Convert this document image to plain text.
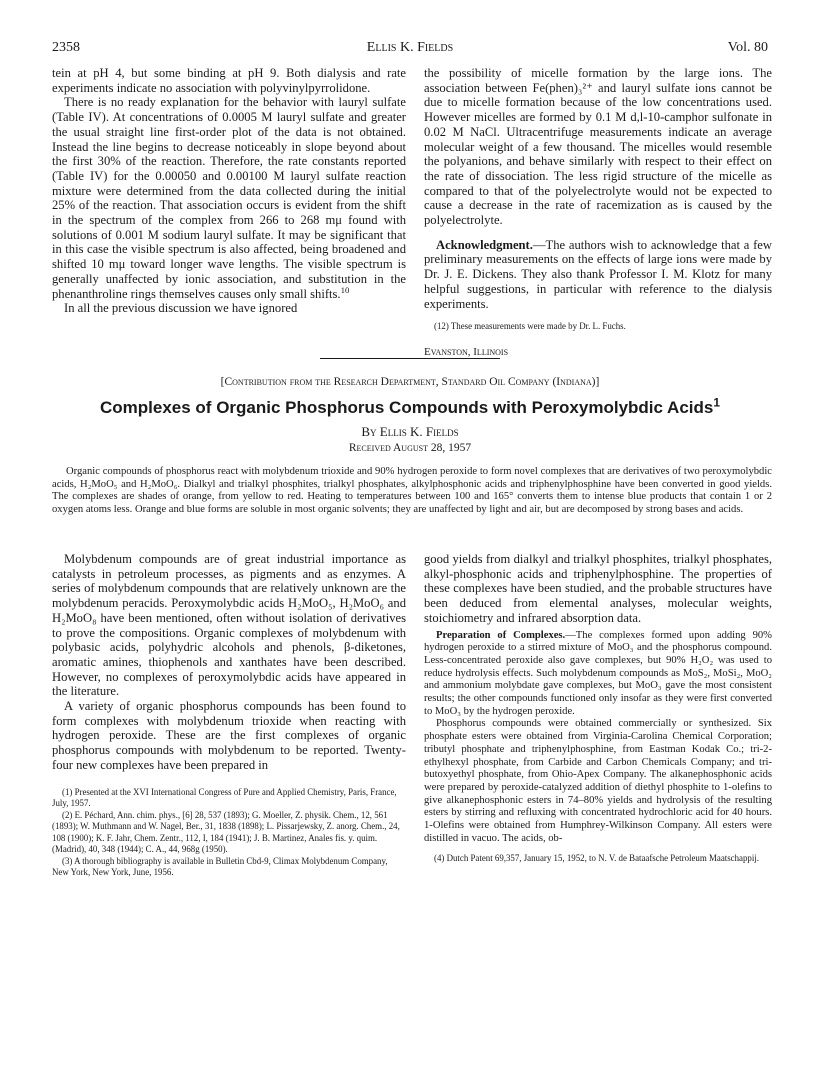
2358	Ellis K. Fields	Vol. 80

tein at pH 4, but some binding at pH 9. Both dialysis and rate experiments indicate no association with polyvinylpyrrolidone.

There is no ready explanation for the behavior with lauryl sulfate (Table IV). At concentrations of 0.0005 M lauryl sulfate and greater the usual straight line first-order plot of the data is not obtained. Instead the line begins to decrease noticeably in slope beyond about the first 30% of the reaction. Therefore, the rate constants reported (Table IV) for the 0.00050 and 0.00100 M lauryl sulfate reaction mixture were determined from the data collected during the initial 25% of the reaction. That association occurs is evident from the shift in the spectrum of the complex from 266 to 268 mμ found with solutions of 0.001 M sodium lauryl sulfate. It may be significant that in this case the visible spectrum is also affected, being broadened and shifted 10 mμ toward longer wave lengths. The visible spectrum is generally unaffected by ionic association, and substitution in the phenanthroline rings themselves causes only small shifts.$^{10}$

In all the previous discussion we have ignored

the possibility of micelle formation by the large ions. The association between Fe(phen)₃²⁺ and lauryl sulfate ions cannot be due to micelle formation because of the low concentrations used. However micelles are formed by 0.1 M d,l-10-camphor sulfonate in 0.02 M NaCl. Ultracentrifuge measurements indicate an average molecular weight of a few thousand. The micelles would resemble the polyanions, and behave similarly with respect to their effect on the rate of dissociation. The less rigid structure of the micelle as compared to that of the polyelectrolyte would not be expected to cause a decrease in the rate of racemization as is caused by the polyelectrolyte.

Acknowledgment.—The authors wish to acknowledge that a few preliminary measurements on the effects of large ions were made by Dr. J. E. Dickens. They also thank Professor I. M. Klotz for many helpful suggestions, in particular with reference to the dialysis experiments.

(12) These measurements were made by Dr. L. Fuchs.
Evanston, Illinois
[Contribution from the Research Department, Standard Oil Company (Indiana)]
Complexes of Organic Phosphorus Compounds with Peroxymolybdic Acids$^1$
By Ellis K. Fields
Received August 28, 1957
Organic compounds of phosphorus react with molybdenum trioxide and 90% hydrogen peroxide to form novel complexes that are derivatives of two peroxymolybdic acids, H₂MoO₅ and H₂MoO₆. Dialkyl and trialkyl phosphites, trialkyl phosphates, alkylphosphonic acids and triphenylphosphine have been converted in good yields. The complexes are shades of orange, from yellow to red. Heating to temperatures between 100 and 165° converts them to intense blue products that contain 1 or 2 oxygen atoms less. Orange and blue forms are soluble in most organic solvents; they are unaffected by light and air, but are decomposed by strong bases and acids.

Molybdenum compounds are of great industrial importance as catalysts in petroleum processes, as pigments and as enzymes. A series of molybdenum compounds that are relatively unknown are the molybdenum peracids. Peroxymolybdic acids H₂MoO₅, H₂MoO₆ and H₂MoO₈ have been mentioned, often without isolation of derivatives to prove the compositions. Organic complexes of molybdenum with polybasic acids, polyhydric alcohols and phenols, β-diketones, aromatic amines, thiophenols and xanthates have been described. However, no complexes of peroxymolybdic acids have appeared in the literature.

A variety of organic phosphorus compounds has been found to form complexes with molybdenum trioxide when reacting with hydrogen peroxide. These are the first complexes of organic phosphorus compounds with molybdenum to be reported. Twenty-four new complexes have been prepared in

(1) Presented at the XVI International Congress of Pure and Applied Chemistry, Paris, France, July, 1957.

(2) E. Péchard, Ann. chim. phys., [6] 28, 537 (1893); G. Moeller, Z. physik. Chem., 12, 561 (1893); W. Muthmann and W. Nagel, Ber., 31, 1838 (1898); L. Pissarjewsky, Z. anorg. Chem., 24, 108 (1900); K. F. Jahr, Chem. Zentr., 112, I, 184 (1941); J. B. Martinez, Anales fis. y. quim. (Madrid), 40, 348 (1944); C. A., 44, 968g (1950).

(3) A thorough bibliography is available in Bulletin Cbd-9, Climax Molybdenum Company, New York, New York, June, 1956.

good yields from dialkyl and trialkyl phosphites, trialkyl phosphates, alkyl-phosphonic acids and triphenylphosphine. The properties of these complexes have been studied, and the probable structures have been deduced from elemental analyses, molecular weights, stoichiometry and infrared absorption data.

Preparation of Complexes.—The complexes formed upon adding 90% hydrogen peroxide to a stirred mixture of MoO₃ and the phosphorus compound. Less-concentrated peroxide also gave complexes, but 90% H₂O₂ was used to reduce hydrolysis effects. Such molybdenum compounds as MoS₂, MoSi₂, MoO₂ and ammonium molybdate gave complexes, but MoO₃ gave the most consistent results; the other compounds functioned only insofar as they were first converted to MoO₃ by the hydrogen peroxide.

Phosphorus compounds were obtained commercially or synthesized. Six phosphate esters were obtained from Virginia-Carolina Chemical Corporation; tributyl phosphate and triphenylphosphine, from Eastman Kodak Co.; tri-2-ethylhexyl phosphate, from Carbide and Carbon Chemicals Company; and tri-butoxyethyl phosphate, from Ohio-Apex Company. The alkanephosphonic acids were prepared by peroxide-catalyzed addition of diethyl phosphite to 1-olefins to give alkanephosphonic esters in 74–80% yields and hydrolysis of the resulting esters by stirring and refluxing with concentrated hydrochloric acid for 40 hours. 1-Olefins were obtained from Humphrey-Wilkinson Company. All esters were distilled in vacuo. The acids, ob-

(4) Dutch Patent 69,357, January 15, 1952, to N. V. de Bataafsche Petroleum Maatschappij.
